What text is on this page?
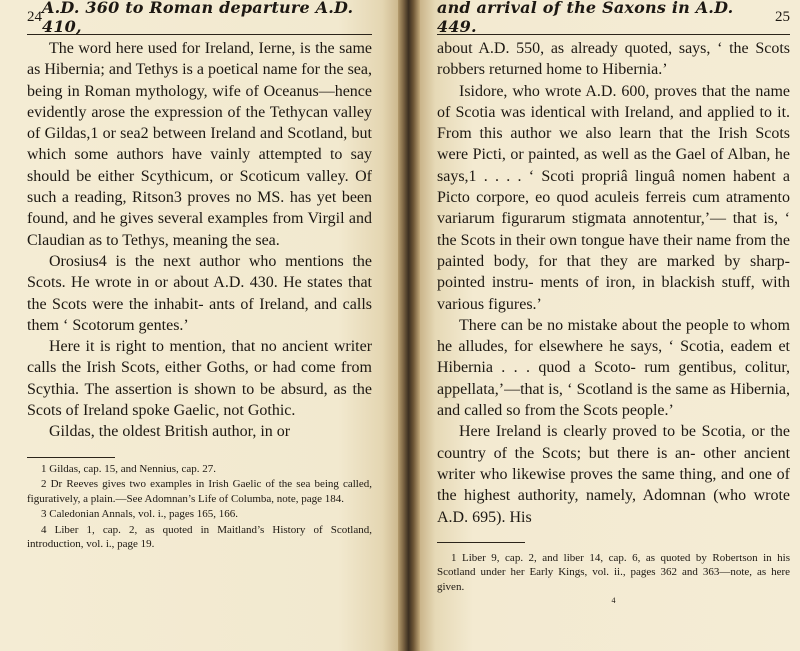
24 A.D. 360 to Roman departure A.D. 410,

The word here used for Ireland, Ierne, is the same as Hibernia; and Tethys is a poetical name for the sea, being in Roman mythology, wife of Oceanus—hence evidently arose the expression of the Tethycan valley of Gildas,1 or sea2 between Ireland and Scotland, but which some authors have vainly attempted to say should be either Scythicum, or Scoticum valley. Of such a reading, Ritson3 proves no MS. has yet been found, and he gives several examples from Virgil and Claudian as to Tethys, meaning the sea.

Orosius4 is the next author who mentions the Scots. He wrote in or about A.D. 430. He states that the Scots were the inhabit- ants of Ireland, and calls them ‘ Scotorum gentes.’

Here it is right to mention, that no ancient writer calls the Irish Scots, either Goths, or had come from Scythia. The assertion is shown to be absurd, as the Scots of Ireland spoke Gaelic, not Gothic.

Gildas, the oldest British author, in or

1 Gildas, cap. 15, and Nennius, cap. 27.

2 Dr Reeves gives two examples in Irish Gaelic of the sea being called, figuratively, a plain.—See Adomnan’s Life of Columba, note, page 184.

3 Caledonian Annals, vol. i., pages 165, 166.

4 Liber 1, cap. 2, as quoted in Maitland’s History of Scotland, introduction, vol. i., page 19.

and arrival of the Saxons in A.D. 449.
25

about A.D. 550, as already quoted, says, ‘ the Scots robbers returned home to Hibernia.’

Isidore, who wrote A.D. 600, proves that the name of Scotia was identical with Ireland, and applied to it. From this author we also learn that the Irish Scots were Picti, or painted, as well as the Gael of Alban, he says,1 . . . . ‘ Scoti propriâ linguâ nomen habent a Picto corpore, eo quod aculeis ferreis cum atramento variarum figurarum stigmata annotentur,’— that is, ‘ the Scots in their own tongue have their name from the painted body, for that they are marked by sharp-pointed instru- ments of iron, in blackish stuff, with various figures.’

There can be no mistake about the people to whom he alludes, for elsewhere he says, ‘ Scotia, eadem et Hibernia . . . quod a Scoto- rum gentibus, colitur, appellata,’—that is, ‘ Scotland is the same as Hibernia, and called so from the Scots people.’

Here Ireland is clearly proved to be Scotia, or the country of the Scots; but there is an- other ancient writer who likewise proves the same thing, and one of the highest authority, namely, Adomnan (who wrote A.D. 695). His

1 Liber 9, cap. 2, and liber 14, cap. 6, as quoted by Robertson in his Scotland under her Early Kings, vol. ii., pages 362 and 363—note, as here given.

4
